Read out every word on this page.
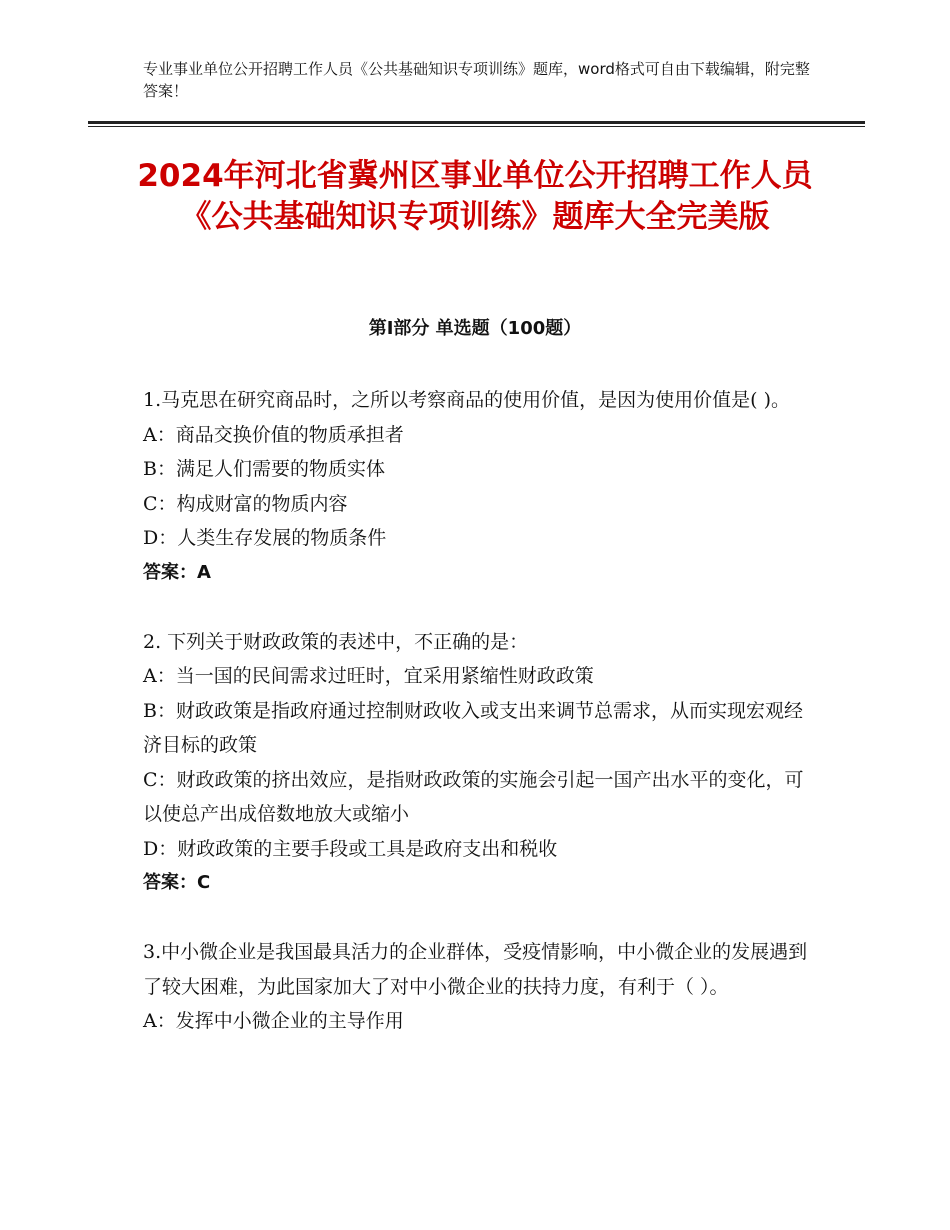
专业事业单位公开招聘工作人员《公共基础知识专项训练》题库，word格式可自由下载编辑，附完整答案！
2024年河北省冀州区事业单位公开招聘工作人员《公共基础知识专项训练》题库大全完美版
第Ⅰ部分 单选题（100题）

1.马克思在研究商品时，之所以考察商品的使用价值，是因为使用价值是( )。

A：商品交换价值的物质承担者

B：满足人们需要的物质实体

C：构成财富的物质内容

D：人类生存发展的物质条件

答案：A

2. 下列关于财政政策的表述中，不正确的是：

A：当一国的民间需求过旺时，宜采用紧缩性财政政策

B：财政政策是指政府通过控制财政收入或支出来调节总需求，从而实现宏观经济目标的政策

C：财政政策的挤出效应，是指财政政策的实施会引起一国产出水平的变化，可以使总产出成倍数地放大或缩小

D：财政政策的主要手段或工具是政府支出和税收

答案：C

3.中小微企业是我国最具活力的企业群体，受疫情影响，中小微企业的发展遇到了较大困难，为此国家加大了对中小微企业的扶持力度，有利于（ ）。

A：发挥中小微企业的主导作用
